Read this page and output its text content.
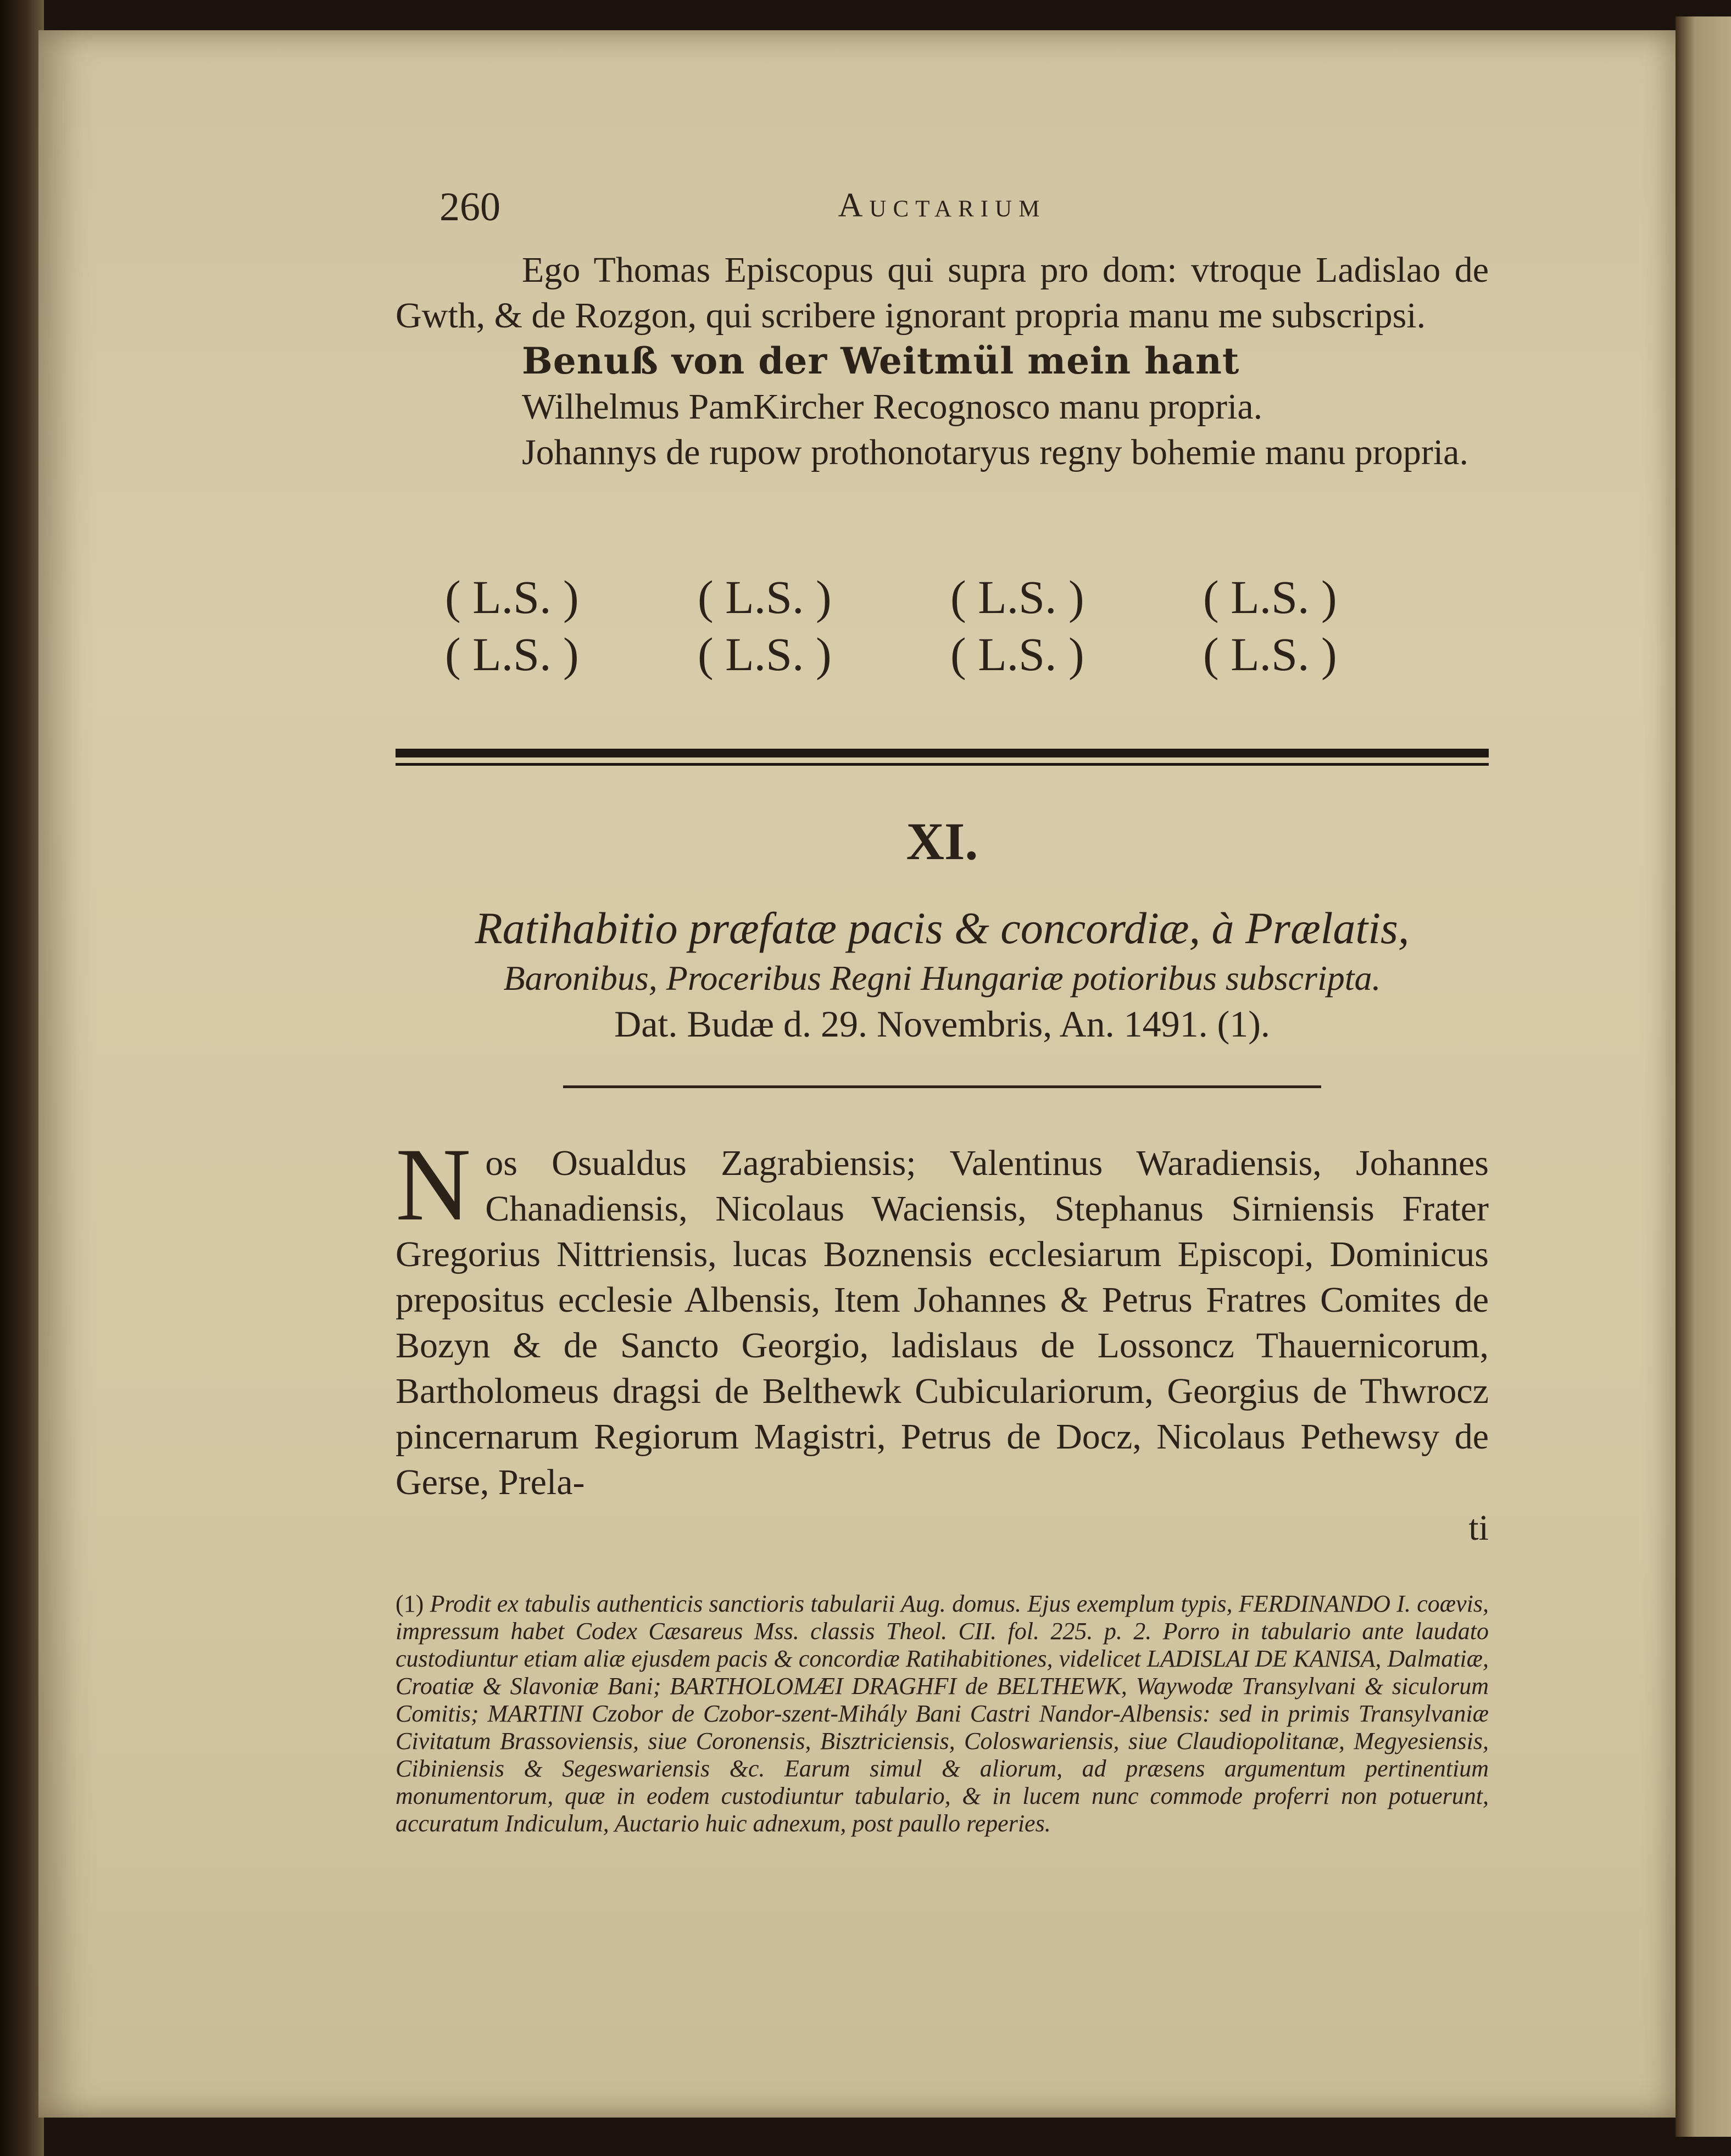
260	Auctarium

Ego Thomas Episcopus qui supra pro dom: vtroque Ladislao de Gwth, & de Rozgon, qui scribere ignorant propria manu me subscripsi.

Benuß von der Weitmül mein hant

Wilhelmus PamKircher Recognosco manu propria.

Johannys de rupow prothonotaryus regny bohemie manu propria.

( L.S. )	( L.S. )	( L.S. )	( L.S. )
( L.S. )	( L.S. )	( L.S. )	( L.S. )
XI.
Ratihabitio præfatæ pacis & concordiæ, à Prælatis,
Baronibus, Proceribus Regni Hungariæ potioribus subscripta.
Dat. Budæ d. 29. Novembris, An. 1491. (1).
N os Osualdus Zagrabiensis; Valentinus Waradiensis, Johannes Chanadiensis, Nicolaus Waciensis, Stephanus Sirniensis Frater Gregorius Nittriensis, lucas Boznensis ecclesiarum Episcopi, Dominicus prepositus ecclesie Albensis, Item Johannes & Petrus Fratres Comites de Bozyn & de Sancto Georgio, ladislaus de Lossoncz Thauernicorum, Bartholomeus dragsi de Belthewk Cubiculariorum, Georgius de Thwrocz pincernarum Regiorum Magistri, Petrus de Docz, Nicolaus Pethewsy de Gerse, Prela-

ti
(1) Prodit ex tabulis authenticis sanctioris tabularii Aug. domus. Ejus exemplum typis, FERDINANDO I. coævis, impressum habet Codex Cæsareus Mss. classis Theol. CII. fol. 225. p. 2. Porro in tabulario ante laudato custodiuntur etiam aliæ ejusdem pacis & concordiæ Ratihabitiones, videlicet LADISLAI DE KANISA, Dalmatiæ, Croatiæ & Slavoniæ Bani; BARTHOLOMÆI DRAGHFI de BELTHEWK, Waywodæ Transylvani & siculorum Comitis; MARTINI Czobor de Czobor-szent-Mihály Bani Castri Nandor-Albensis: sed in primis Transylvaniæ Civitatum Brassoviensis, siue Coronensis, Bisztriciensis, Coloswariensis, siue Claudiopolitanæ, Megyesiensis, Cibiniensis & Segeswariensis &c. Earum simul & aliorum, ad præsens argumentum pertinentium monumentorum, quæ in eodem custodiuntur tabulario, & in lucem nunc commode proferri non potuerunt, accuratum Indiculum, Auctario huic adnexum, post paullo reperies.
